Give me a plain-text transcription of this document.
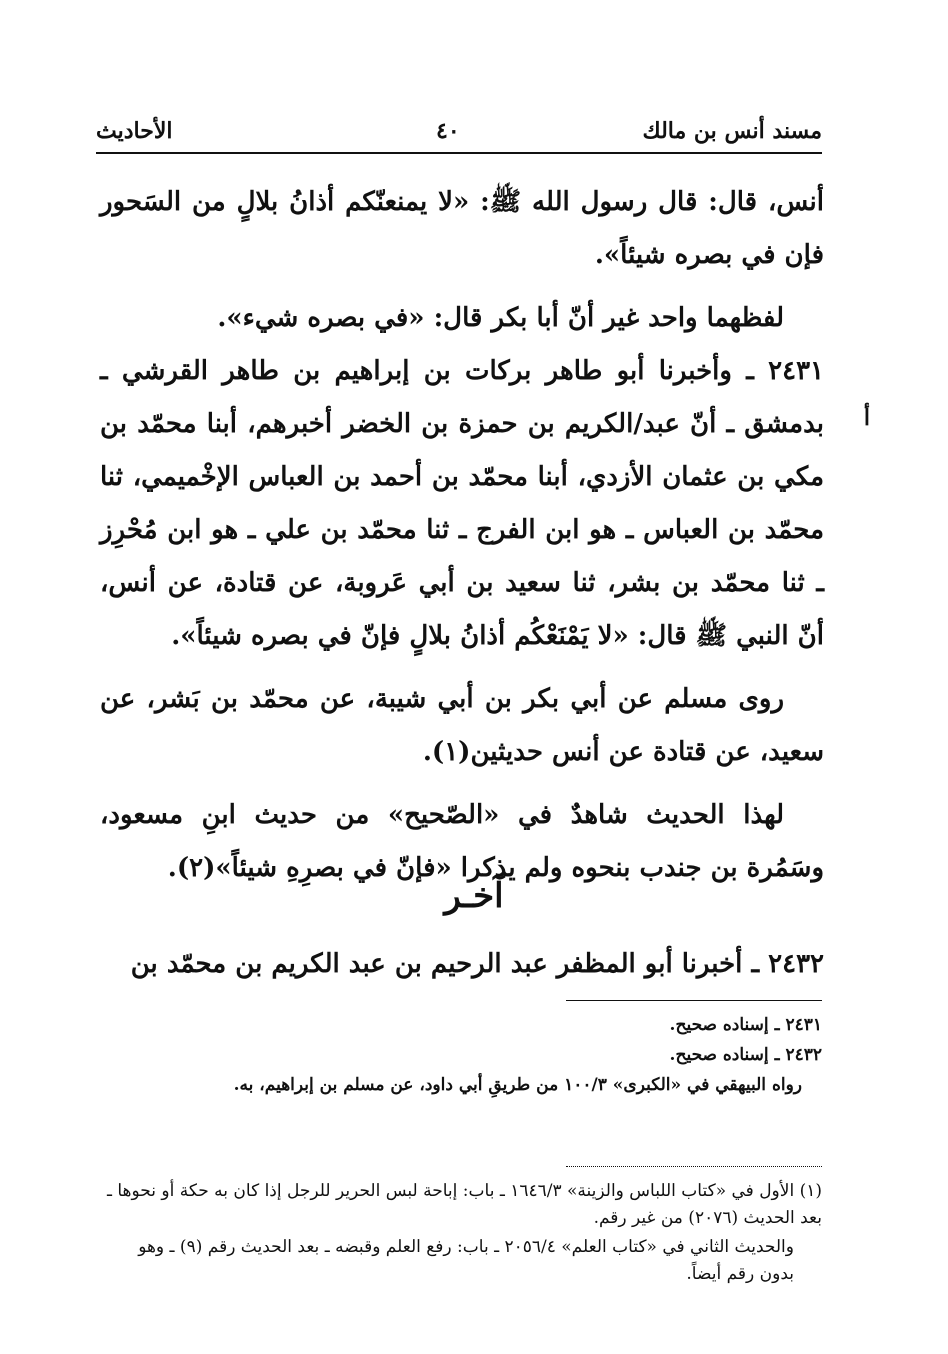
مسند أنس بن مالك
٤٠
الأحاديث
أ

أنس، قال: قال رسول الله ﷺ: «لا يمنعنّكم أذانُ بلالٍ من السَحور فإن في بصره شيئاً».

لفظهما واحد غير أنّ أبا بكر قال: «في بصره شيء».

٢٤٣١ ـ وأخبرنا أبو طاهر بركات بن إبراهيم بن طاهر القرشي ـ بدمشق ـ أنّ عبد/الكريم بن حمزة بن الخضر أخبرهم، أبنا محمّد بن مكي بن عثمان الأزدي، أبنا محمّد بن أحمد بن العباس الإخْميمي، ثنا محمّد بن العباس ـ هو ابن الفرج ـ ثنا محمّد بن علي ـ هو ابن مُحْرِز ـ ثنا محمّد بن بشر، ثنا سعيد بن أبي عَروبة، عن قتادة، عن أنس، أنّ النبي ﷺ قال: «لا يَمْنَعْكُم أذانُ بلالٍ فإنّ في بصره شيئاً».

روى مسلم عن أبي بكر بن أبي شيبة، عن محمّد بن بَشر، عن سعيد، عن قتادة عن أنس حديثين(١).

لهذا الحديث شاهدٌ في «الصّحيح» من حديث ابنِ مسعود، وسَمُرة بن جندب بنحوه ولم يذكرا «فإنّ في بصرِهِ شيئاً»(٢).

آخـر
٢٤٣٢ ـ أخبرنا أبو المظفر عبد الرحيم بن عبد الكريم بن محمّد بن

٢٤٣١ ـ إسناده صحيح.

٢٤٣٢ ـ إسناده صحيح.

رواه البيهقي في «الكبرى» ١٠٠/٣ من طريقِ أبي داود، عن مسلم بن إبراهيم، به.

(١) الأول في «كتاب اللباس والزينة» ١٦٤٦/٣ ـ باب: إباحة لبس الحرير للرجل إذا كان به حكة أو نحوها ـ بعد الحديث (٢٠٧٦) من غير رقم.

والحديث الثاني في «كتاب العلم» ٢٠٥٦/٤ ـ باب: رفع العلم وقبضه ـ بعد الحديث رقم (٩) ـ وهو بدون رقم أيضاً.
